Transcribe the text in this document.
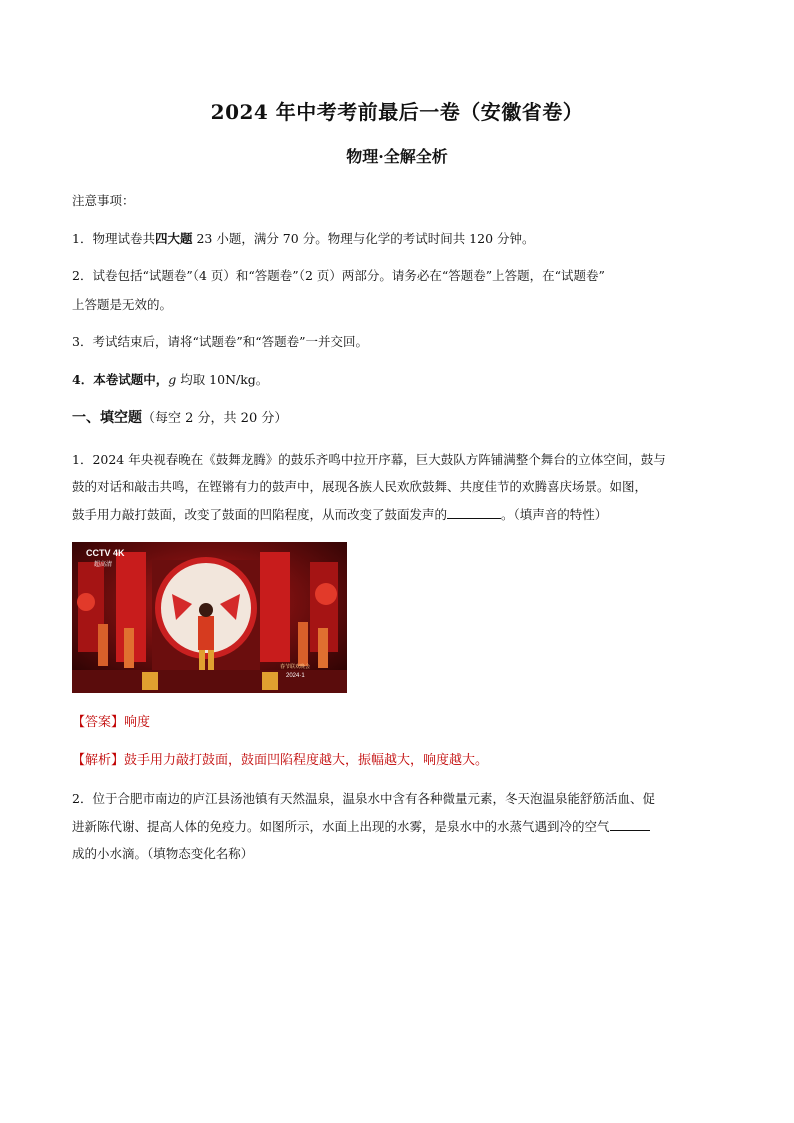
2024 年中考考前最后一卷（安徽省卷）
物理·全解全析
注意事项：
1．物理试卷共四大题 23 小题，满分 70 分。物理与化学的考试时间共 120 分钟。
2．试卷包括“试题卷”（4 页）和“答题卷”（2 页）两部分。请务必在“答题卷”上答题，在“试题卷”
上答题是无效的。
3．考试结束后，请将“试题卷”和“答题卷”一并交回。
4．本卷试题中，g 均取 10N/kg。
一、填空题（每空 2 分，共 20 分）
1．2024 年央视春晚在《鼓舞龙腾》的鼓乐齐鸣中拉开序幕，巨大鼓队方阵铺满整个舞台的立体空间，鼓与
鼓的对话和敲击共鸣，在铿锵有力的鼓声中，展现各族人民欢欣鼓舞、共度佳节的欢腾喜庆场景。如图，
鼓手用力敲打鼓面，改变了鼓面的凹陷程度，从而改变了鼓面发声的	。（填声音的特性）
CCTV 4K
超高清
春节联欢晚会
2024·1
【答案】响度
【解析】鼓手用力敲打鼓面，鼓面凹陷程度越大，振幅越大，响度越大。
2．位于合肥市南边的庐江县汤池镇有天然温泉，温泉水中含有各种微量元素，冬天泡温泉能舒筋活血、促
进新陈代谢、提高人体的免疫力。如图所示，水面上出现的水雾，是泉水中的水蒸气遇到冷的空气
成的小水滴。（填物态变化名称）
